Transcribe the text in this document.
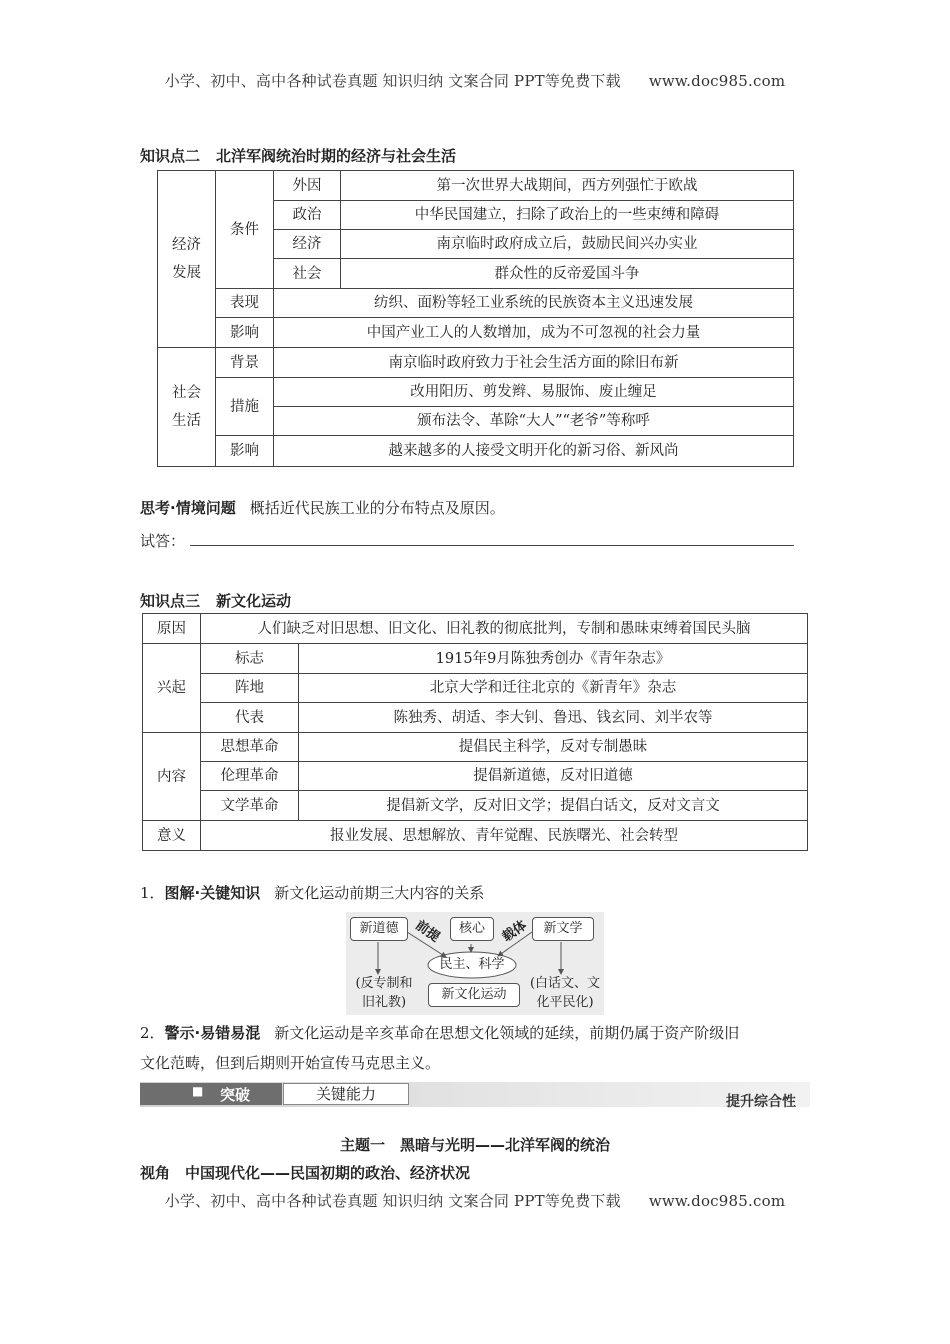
小学、初中、高中各种试卷真题 知识归纳 文案合同 PPT等免费下载 www.doc985.com
知识点二 北洋军阀统治时期的经济与社会生活
经济
发展	条件	外因	第一次世界大战期间，西方列强忙于欧战
		政治	中华民国建立，扫除了政治上的一些束缚和障碍
		经济	南京临时政府成立后，鼓励民间兴办实业
		社会	群众性的反帝爱国斗争
	表现	纺织、面粉等轻工业系统的民族资本主义迅速发展	
	影响	中国产业工人的人数增加，成为不可忽视的社会力量	

社会
生活	背景	南京临时政府致力于社会生活方面的除旧布新	
	措施	改用阳历、剪发辫、易服饰、废止缠足	
		颁布法令、革除“大人”“老爷”等称呼	
	影响	越来越多的人接受文明开化的新习俗、新风尚	
思考·情境问题 概括近代民族工业的分布特点及原因。
试答：
知识点三 新文化运动
原因	人们缺乏对旧思想、旧文化、旧礼教的彻底批判，专制和愚昧束缚着国民头脑	
兴起	标志	1915年9月陈独秀创办《青年杂志》
	阵地	北京大学和迁往北京的《新青年》杂志
	代表	陈独秀、胡适、李大钊、鲁迅、钱玄同、刘半农等
内容	思想革命	提倡民主科学，反对专制愚昧
	伦理革命	提倡新道德，反对旧道德
	文学革命	提倡新文学，反对旧文学；提倡白话文，反对文言文
意义	报业发展、思想解放、青年觉醒、民族曙光、社会转型	
1．图解·关键知识 新文化运动前期三大内容的关系
新道德	核心	新文学
前提	载体
民主、科学
(反专制和
旧礼教)
新文化运动
(白话文、文
化平民化)
2．警示·易错易混 新文化运动是辛亥革命在思想文化领域的延续，前期仍属于资产阶级旧
文化范畴，但到后期则开始宣传马克思主义。
■ 突破	关键能力	提升综合性
主题一　黑暗与光明——北洋军阀的统治
视角　中国现代化——民国初期的政治、经济状况
小学、初中、高中各种试卷真题 知识归纳 文案合同 PPT等免费下载 www.doc985.com
